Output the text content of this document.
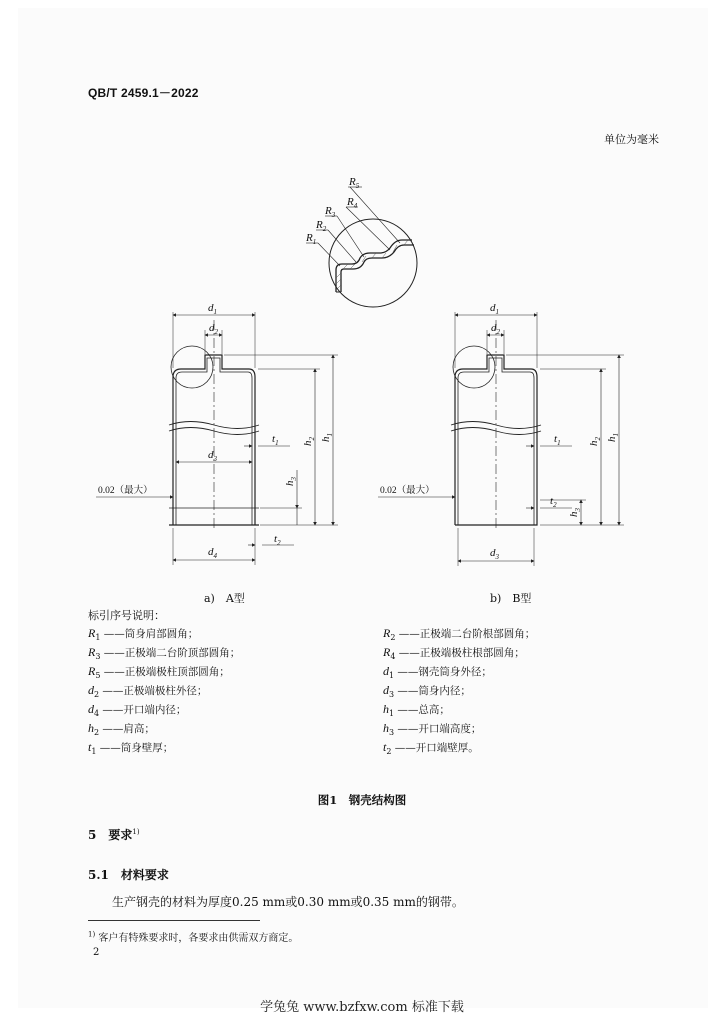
QB/T 2459.1－2022
单位为毫米
$R_1$
$R_2$
$R_3$
$R_4$
$R_5$
$d_1$
$d_2$
$d_3$
$d_4$
$h_1$
$h_2$
$h_3$
$t_1$
$t_2$
0.02（最大）
$d_1$
$d_2$
$d_3$
$h_1$
$h_2$
$h_3$
$t_1$
$t_2$
0.02（最大）
a)　A型	b)　B型
标引序号说明：
$R_1$ ——筒身肩部圆角；
$R_3$ ——正极端二台阶顶部圆角；
$R_5$ ——正极端极柱顶部圆角；
$d_2$ ——正极端极柱外径；
$d_4$ ——开口端内径；
$h_2$ ——肩高；
$t_1$ ——筒身壁厚；
$R_2$ ——正极端二台阶根部圆角；
$R_4$ ——正极端极柱根部圆角；
$d_1$ ——钢壳筒身外径；
$d_3$ ——筒身内径；
$h_1$ ——总高；
$h_3$ ——开口端高度；
$t_2$ ——开口端壁厚。
图1　钢壳结构图
5　 要求$^{1)}$
5.1　 材料要求
生产钢壳的材料为厚度0.25 mm或0.30 mm或0.35 mm的钢带。
$^{1)}$ 客户有特殊要求时，各要求由供需双方商定。
2
学兔兔 www.bzfxw.com 标准下载
